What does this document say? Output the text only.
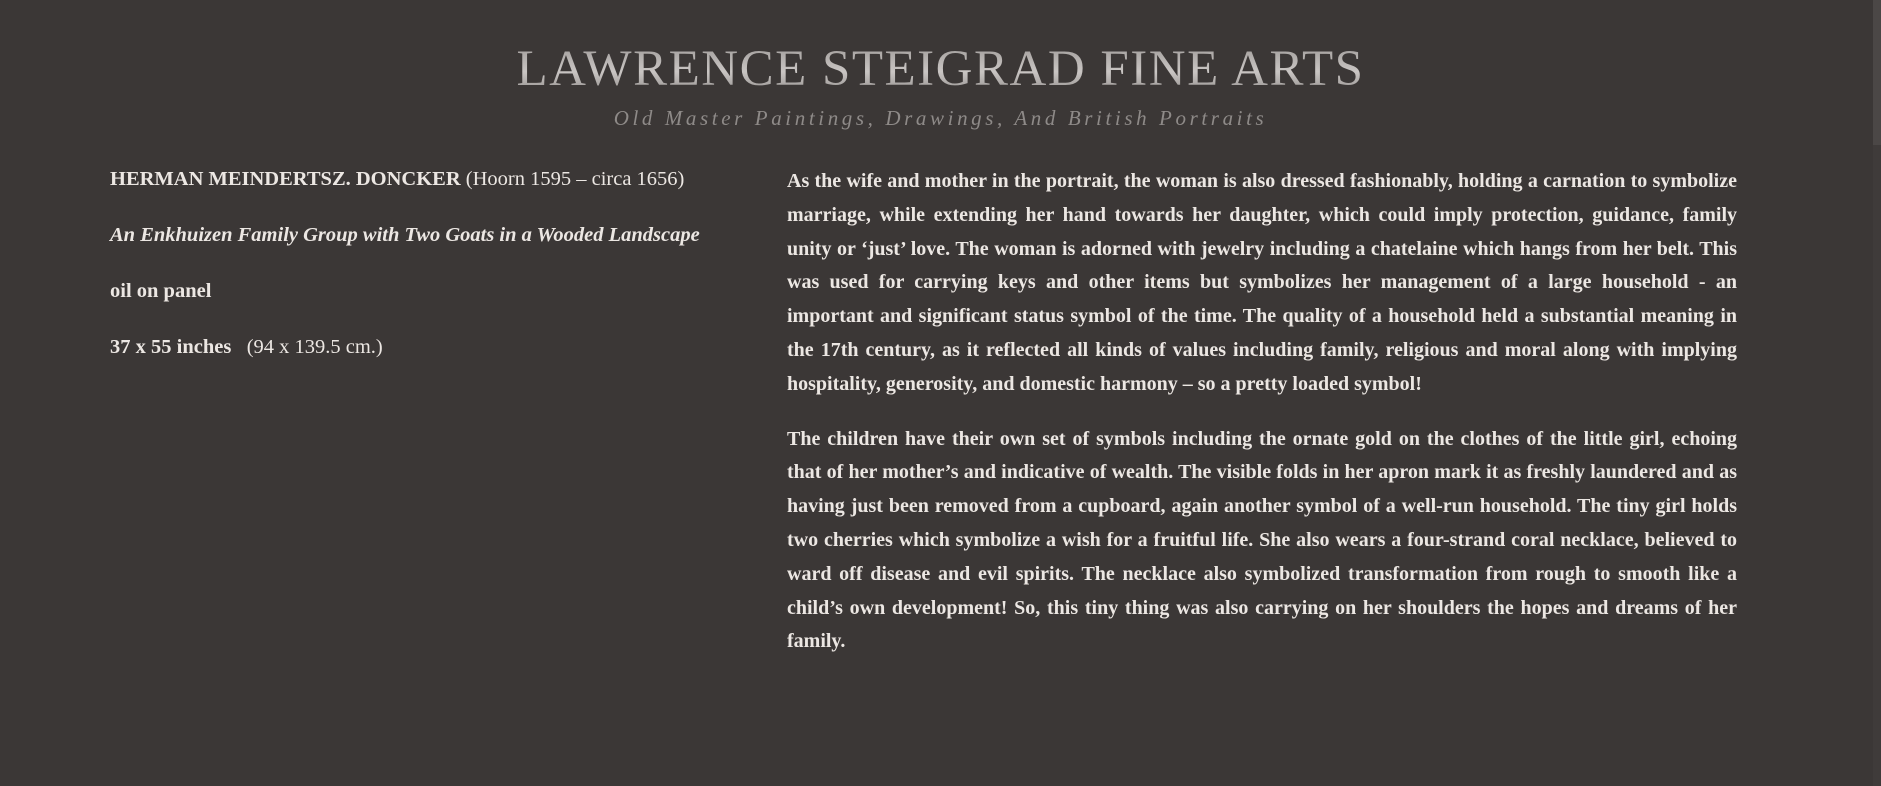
LAWRENCE STEIGRAD FINE ARTS
Old Master Paintings, Drawings, And British Portraits

HERMAN MEINDERTSZ. DONCKER (Hoorn 1595 – circa 1656)

An Enkhuizen Family Group with Two Goats in a Wooded Landscape

oil on panel

37 x 55 inches (94 x 139.5 cm.)

As the wife and mother in the portrait, the woman is also dressed fashionably, holding a carnation to symbolize marriage, while extending her hand towards her daughter, which could imply protection, guidance, family unity or ‘just’ love. The woman is adorned with jewelry including a chatelaine which hangs from her belt. This was used for carrying keys and other items but symbolizes her management of a large household - an important and significant status symbol of the time. The quality of a household held a substantial meaning in the 17th century, as it reflected all kinds of values including family, religious and moral along with implying hospitality, generosity, and domestic harmony – so a pretty loaded symbol!

The children have their own set of symbols including the ornate gold on the clothes of the little girl, echoing that of her mother’s and indicative of wealth. The visible folds in her apron mark it as freshly laundered and as having just been removed from a cupboard, again another symbol of a well-run household. The tiny girl holds two cherries which symbolize a wish for a fruitful life. She also wears a four-strand coral necklace, believed to ward off disease and evil spirits. The necklace also symbolized transformation from rough to smooth like a child’s own development! So, this tiny thing was also carrying on her shoulders the hopes and dreams of her family.
